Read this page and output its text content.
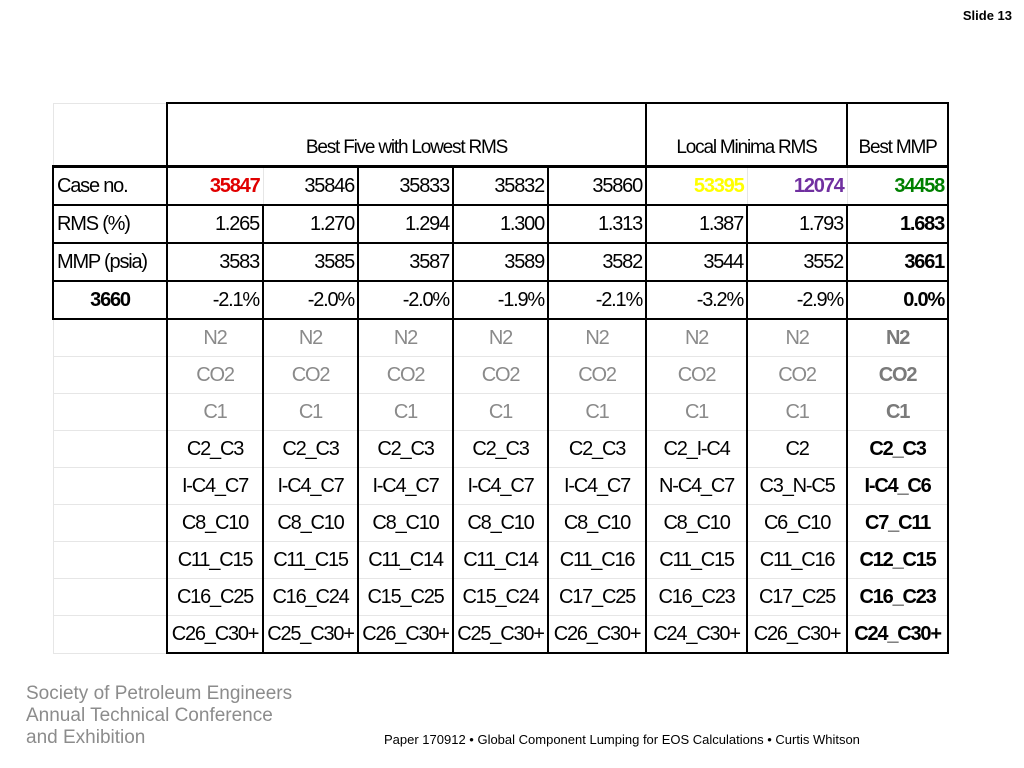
Slide 13
	Best Five with Lowest RMS					Local Minima RMS		Best MMP
Case no.	35847	35846	35833	35832	35860	53395	12074	34458
RMS (%)	1.265	1.270	1.294	1.300	1.313	1.387	1.793	1.683
MMP (psia)	3583	3585	3587	3589	3582	3544	3552	3661
3660	-2.1%	-2.0%	-2.0%	-1.9%	-2.1%	-3.2%	-2.9%	0.0%
	N2	N2	N2	N2	N2	N2	N2	N2
	CO2	CO2	CO2	CO2	CO2	CO2	CO2	CO2
	C1	C1	C1	C1	C1	C1	C1	C1
	C2_C3	C2_C3	C2_C3	C2_C3	C2_C3	C2_I-C4	C2	C2_C3
	I-C4_C7	I-C4_C7	I-C4_C7	I-C4_C7	I-C4_C7	N-C4_C7	C3_N-C5	I-C4_C6
	C8_C10	C8_C10	C8_C10	C8_C10	C8_C10	C8_C10	C6_C10	C7_C11
	C11_C15	C11_C15	C11_C14	C11_C14	C11_C16	C11_C15	C11_C16	C12_C15
	C16_C25	C16_C24	C15_C25	C15_C24	C17_C25	C16_C23	C17_C25	C16_C23
	C26_C30+	C25_C30+	C26_C30+	C25_C30+	C26_C30+	C24_C30+	C26_C30+	C24_C30+
Society of Petroleum Engineers
Annual Technical Conference
and Exhibition	Paper 170912 • Global Component Lumping for EOS Calculations • Curtis Whitson
